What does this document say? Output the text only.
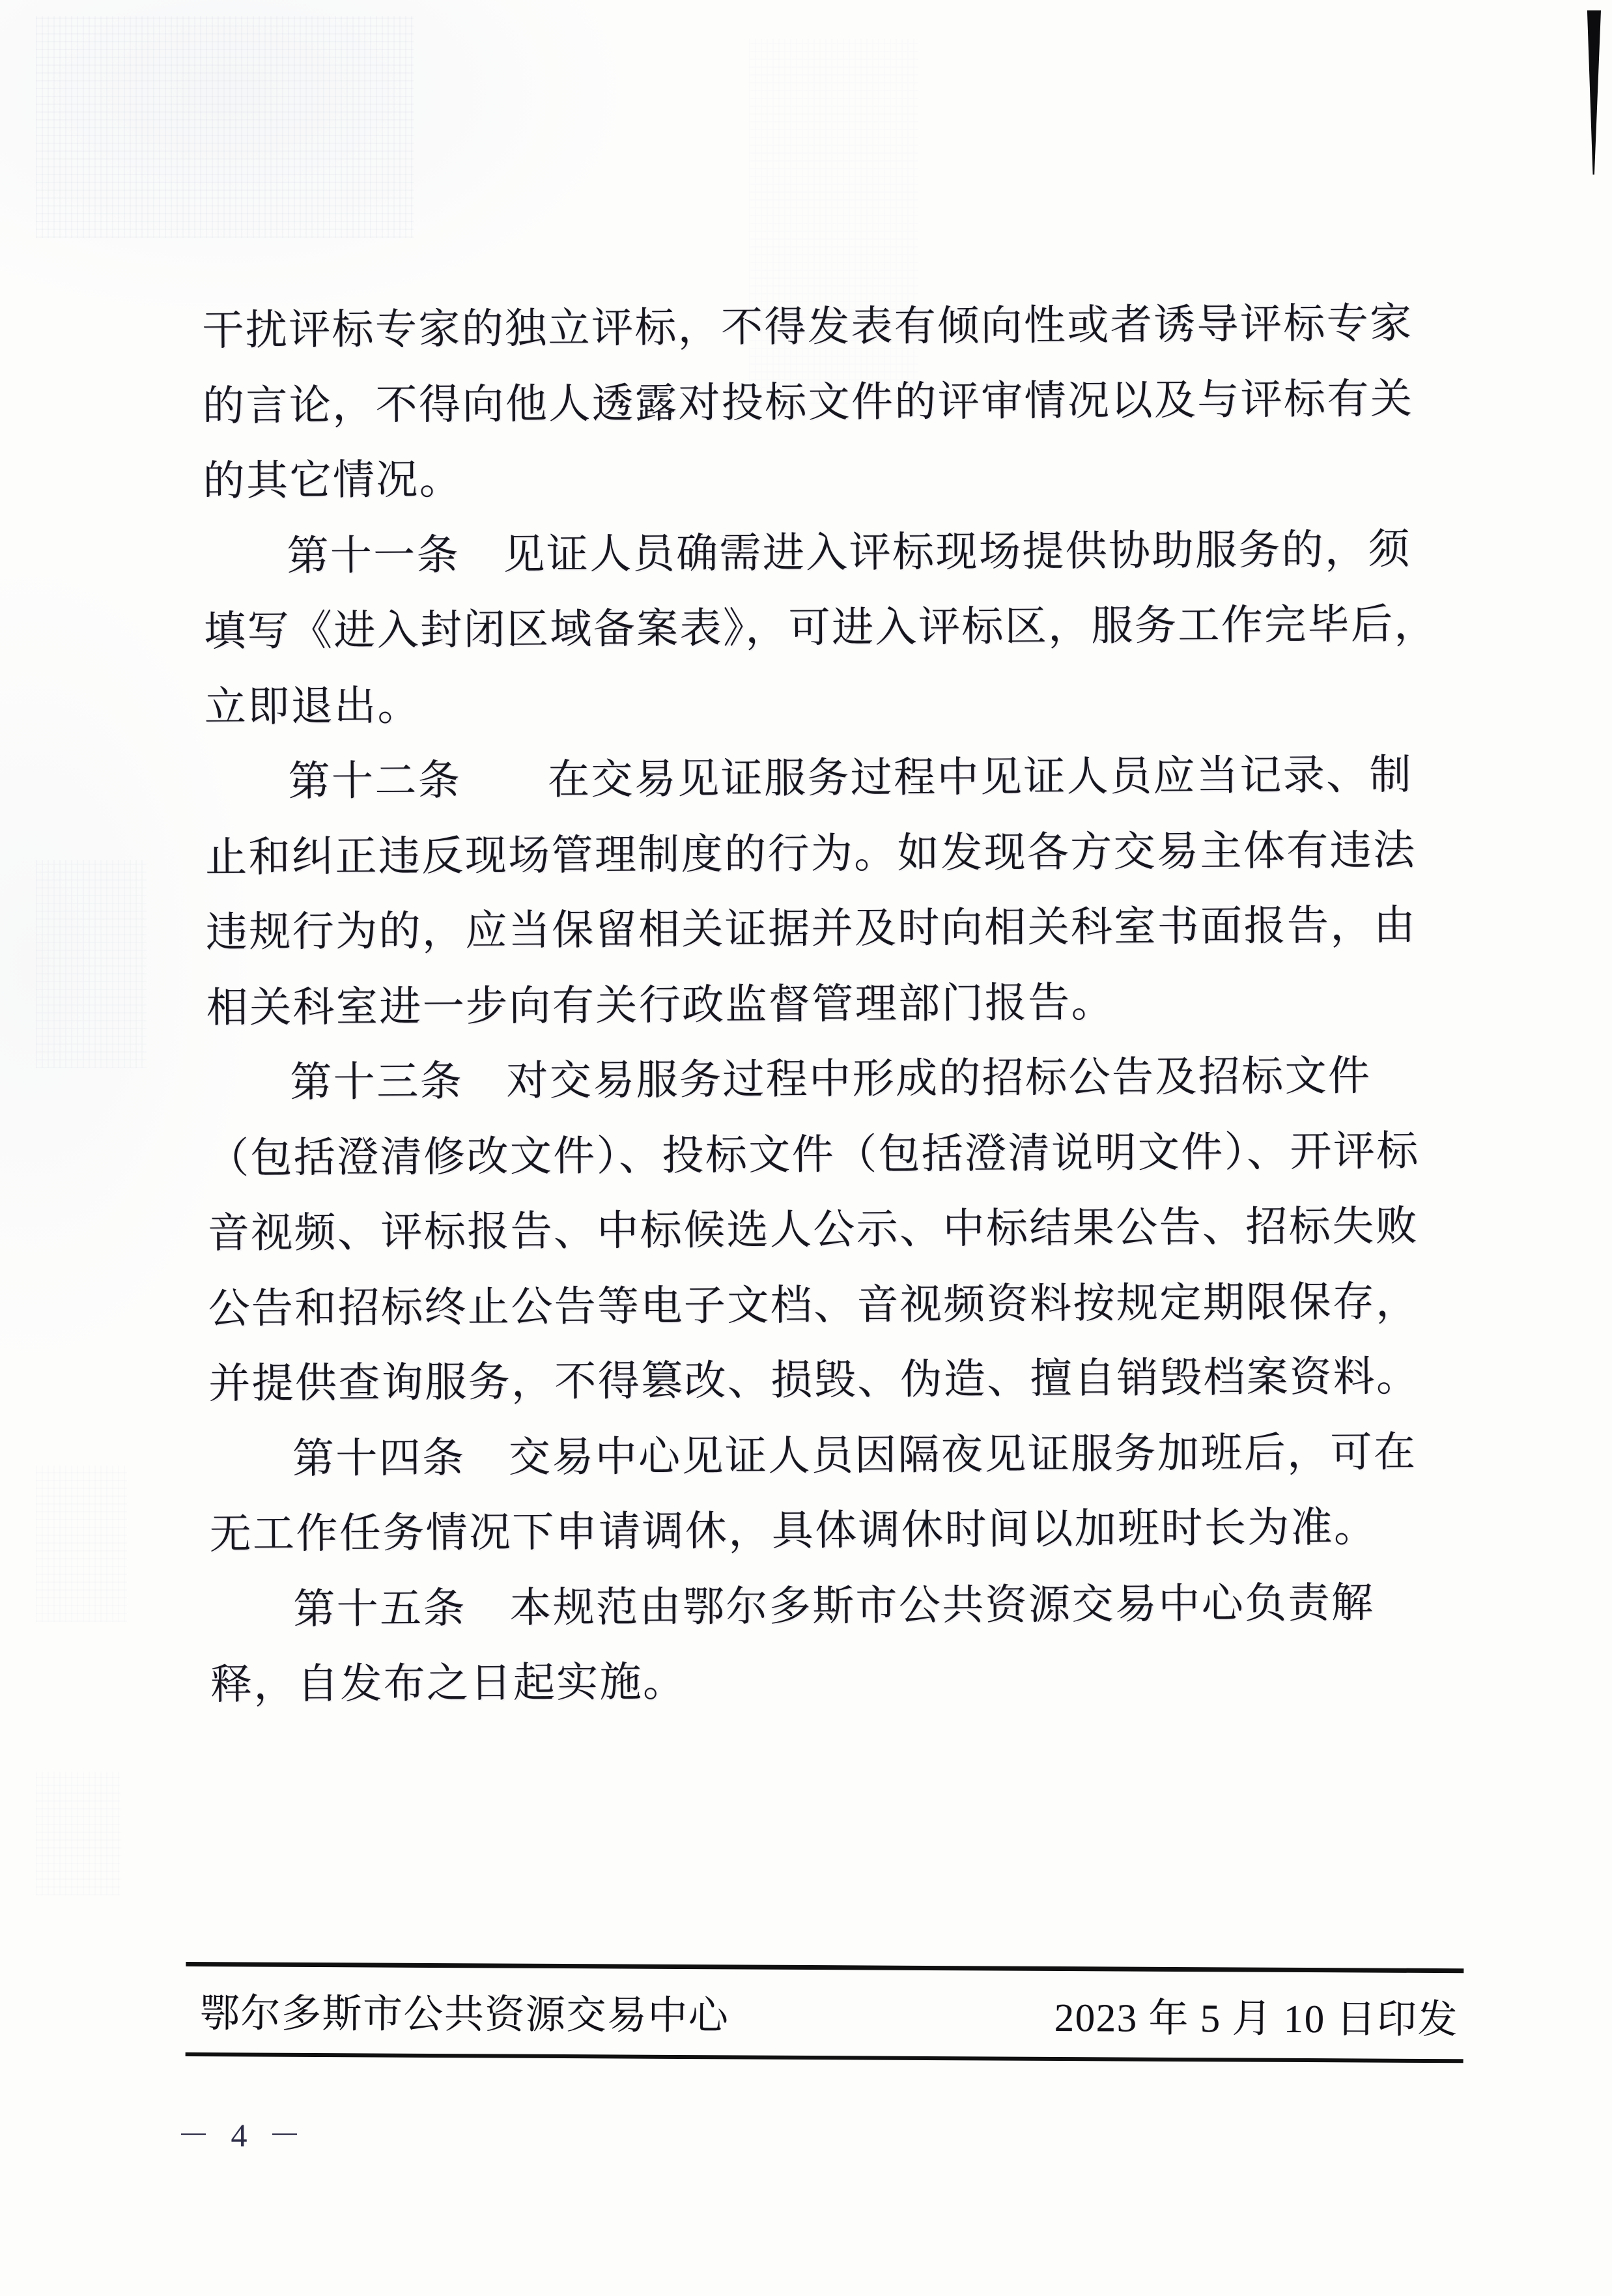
干扰评标专家的独立评标，不得发表有倾向性或者诱导评标专家
的言论，不得向他人透露对投标文件的评审情况以及与评标有关
的其它情况。
第十一条　见证人员确需进入评标现场提供协助服务的，须
填写《进入封闭区域备案表》，可进入评标区，服务工作完毕后，
立即退出。
第十二条　　在交易见证服务过程中见证人员应当记录、制
止和纠正违反现场管理制度的行为。如发现各方交易主体有违法
违规行为的，应当保留相关证据并及时向相关科室书面报告，由
相关科室进一步向有关行政监督管理部门报告。
第十三条　对交易服务过程中形成的招标公告及招标文件
（包括澄清修改文件）、投标文件（包括澄清说明文件）、开评标
音视频、评标报告、中标候选人公示、中标结果公告、招标失败
公告和招标终止公告等电子文档、音视频资料按规定期限保存，
并提供查询服务，不得篡改、损毁、伪造、擅自销毁档案资料。
第十四条　交易中心见证人员因隔夜见证服务加班后，可在
无工作任务情况下申请调休，具体调休时间以加班时长为准。
第十五条　本规范由鄂尔多斯市公共资源交易中心负责解
释，自发布之日起实施。
鄂尔多斯市公共资源交易中心	2023 年 5 月 10 日印发
－ 4 －
